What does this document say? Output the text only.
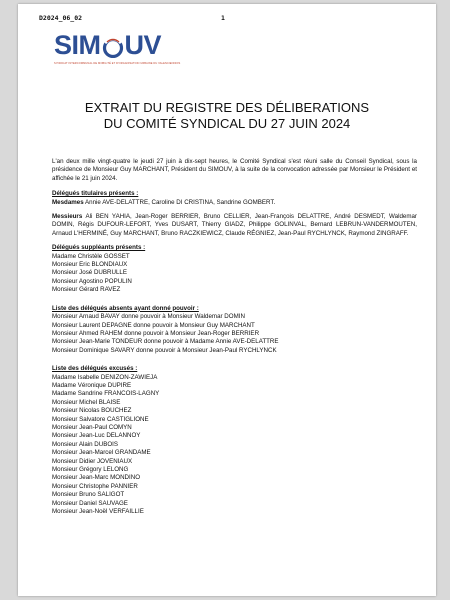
D2024_06_02	1
SIM UV
SYNDICAT INTERCOMMUNAL DE MOBILITÉ ET D'ORGANISATION URBAINE DU VALENCIENNOIS
EXTRAIT DU REGISTRE DES DÉLIBERATIONS
DU COMITÉ SYNDICAL DU 27 JUIN 2024
L'an deux mille vingt-quatre le jeudi 27 juin à dix-sept heures, le Comité Syndical s'est réuni salle du Conseil Syndical, sous la présidence de Monsieur Guy MARCHANT, Président du SIMOUV, à la suite de la convocation adressée par Monsieur le Président et affichée le 21 juin 2024.
Délégués titulaires présents :
Mesdames Annie AVE-DELATTRE, Caroline DI CRISTINA, Sandrine GOMBERT.
Messieurs Ali BEN YAHIA, Jean-Roger BERRIER, Bruno CELLIER, Jean-François DELATTRE, André DESMEDT, Waldemar DOMIN, Régis DUFOUR-LEFORT, Yves DUSART, Thierry GIADZ, Philippe GOLINVAL, Bernard LEBRUN-VANDERMOUTEN, Arnaud L'HERMINÉ, Guy MARCHANT, Bruno RACZKIEWICZ, Claude RÉGNIEZ, Jean-Paul RYCHLYNCK, Raymond ZINGRAFF.
Délégués suppléants présents :
Madame Christèle GOSSET
Monsieur Eric BLONDIAUX
Monsieur José DUBRULLE
Monsieur Agostino POPULIN
Monsieur Gérard RAVEZ
Liste des délégués absents ayant donné pouvoir :
Monsieur Arnaud BAVAY donne pouvoir à Monsieur Waldemar DOMIN
Monsieur Laurent DEPAGNE donne pouvoir à Monsieur Guy MARCHANT
Monsieur Ahmed RAHEM donne pouvoir à Monsieur Jean-Roger BERRIER
Monsieur Jean-Marie TONDEUR donne pouvoir à Madame Annie AVE-DELATTRE
Monsieur Dominique SAVARY donne pouvoir à Monsieur Jean-Paul RYCHLYNCK
Liste des délégués excusés :
Madame Isabelle DENIZON-ZAWIEJA
Madame Véronique DUPIRE
Madame Sandrine FRANCOIS-LAGNY
Monsieur Michel BLAISE
Monsieur Nicolas BOUCHEZ
Monsieur Salvatore CASTIGLIONE
Monsieur Jean-Paul COMYN
Monsieur Jean-Luc DELANNOY
Monsieur Alain DUBOIS
Monsieur Jean-Marcel GRANDAME
Monsieur Didier JOVENIAUX
Monsieur Grégory LELONG
Monsieur Jean-Marc MONDINO
Monsieur Christophe PANNIER
Monsieur Bruno SALIGOT
Monsieur Daniel SAUVAGE
Monsieur Jean-Noël VERFAILLIE
